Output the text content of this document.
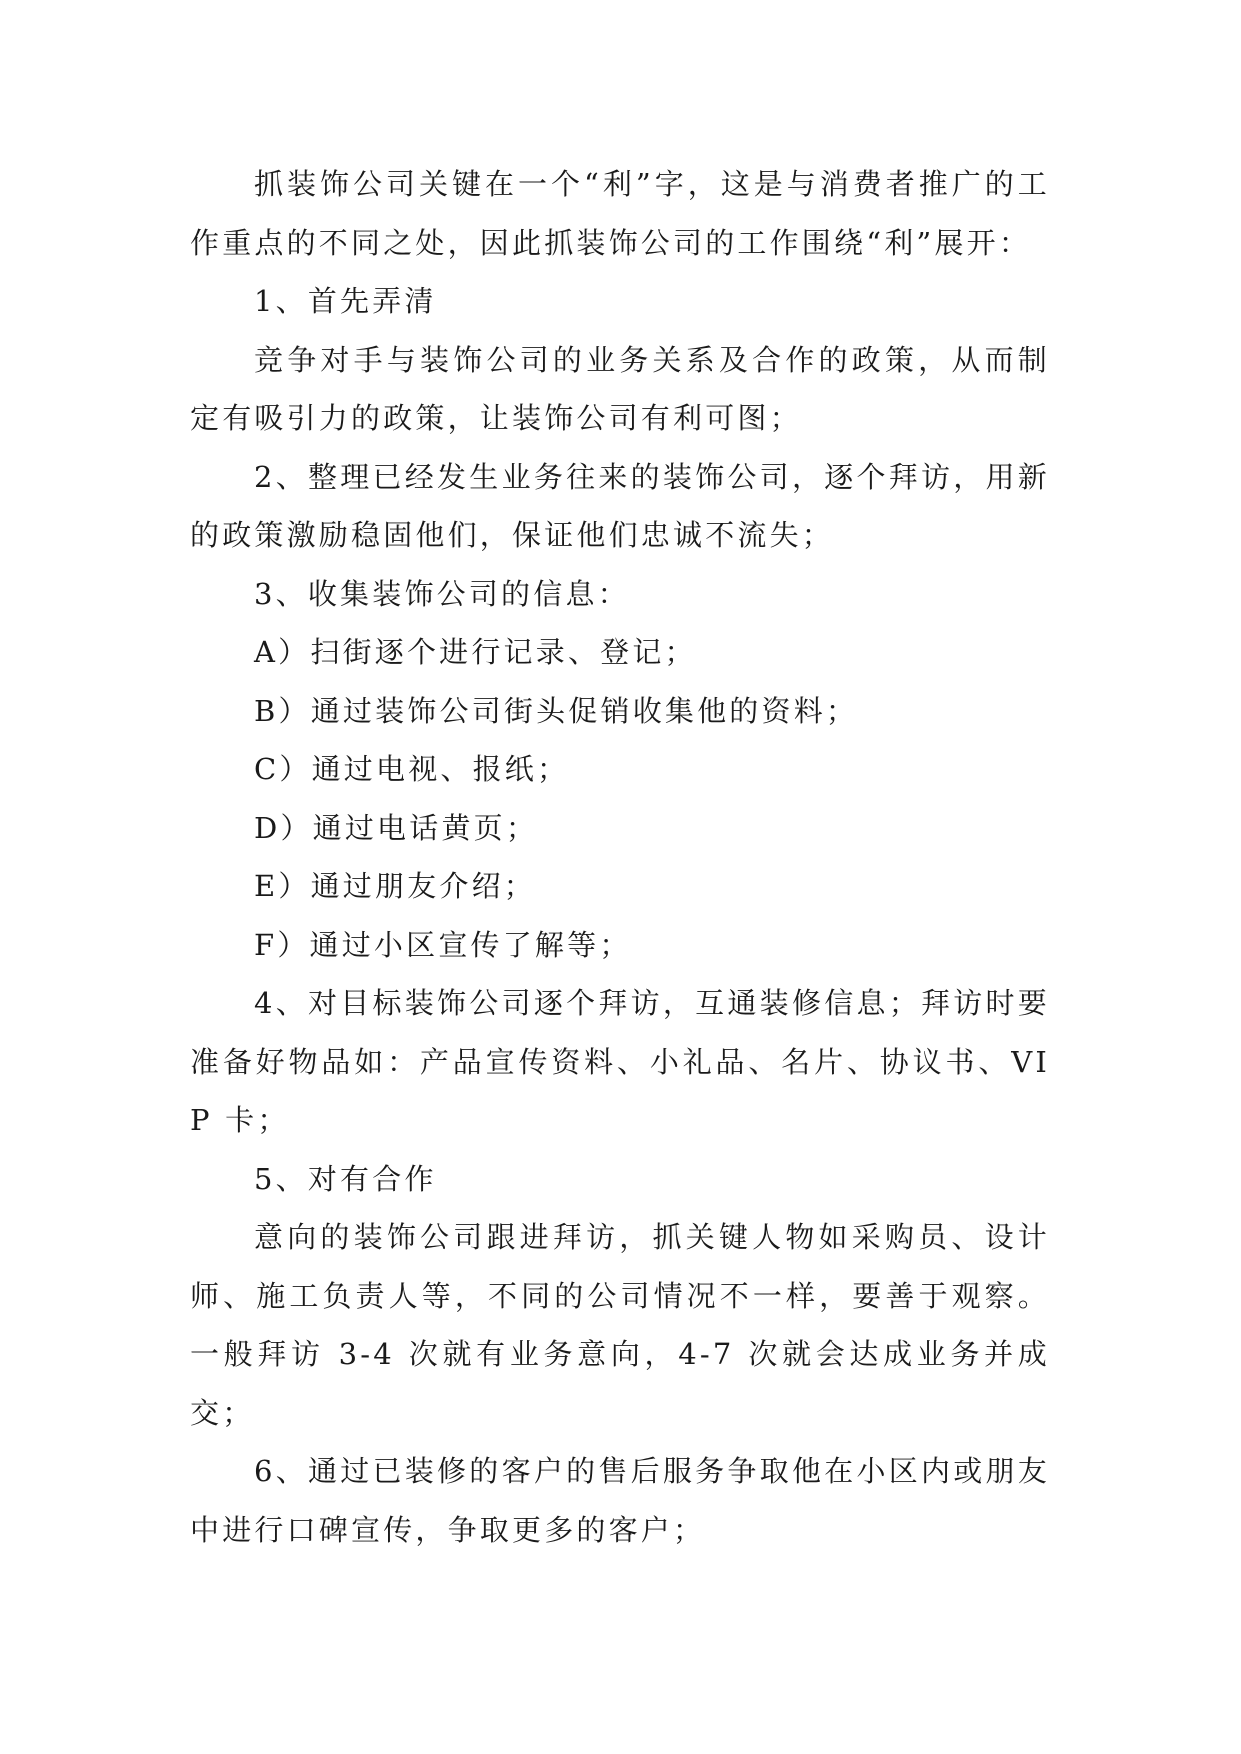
抓装饰公司关键在一个“利”字，这是与消费者推广的工作重点的不同之处，因此抓装饰公司的工作围绕“利”展开：

1、首先弄清

竞争对手与装饰公司的业务关系及合作的政策，从而制定有吸引力的政策，让装饰公司有利可图；

2、整理已经发生业务往来的装饰公司，逐个拜访，用新的政策激励稳固他们，保证他们忠诚不流失；

3、收集装饰公司的信息：

A）扫街逐个进行记录、登记；

B）通过装饰公司街头促销收集他的资料；

C）通过电视、报纸；

D）通过电话黄页；

E）通过朋友介绍；

F）通过小区宣传了解等；

4、对目标装饰公司逐个拜访，互通装修信息；拜访时要准备好物品如：产品宣传资料、小礼品、名片、协议书、VIP 卡；

5、对有合作

意向的装饰公司跟进拜访，抓关键人物如采购员、设计师、施工负责人等，不同的公司情况不一样，要善于观察。一般拜访 3-4 次就有业务意向，4-7 次就会达成业务并成交；

6、通过已装修的客户的售后服务争取他在小区内或朋友中进行口碑宣传，争取更多的客户；
